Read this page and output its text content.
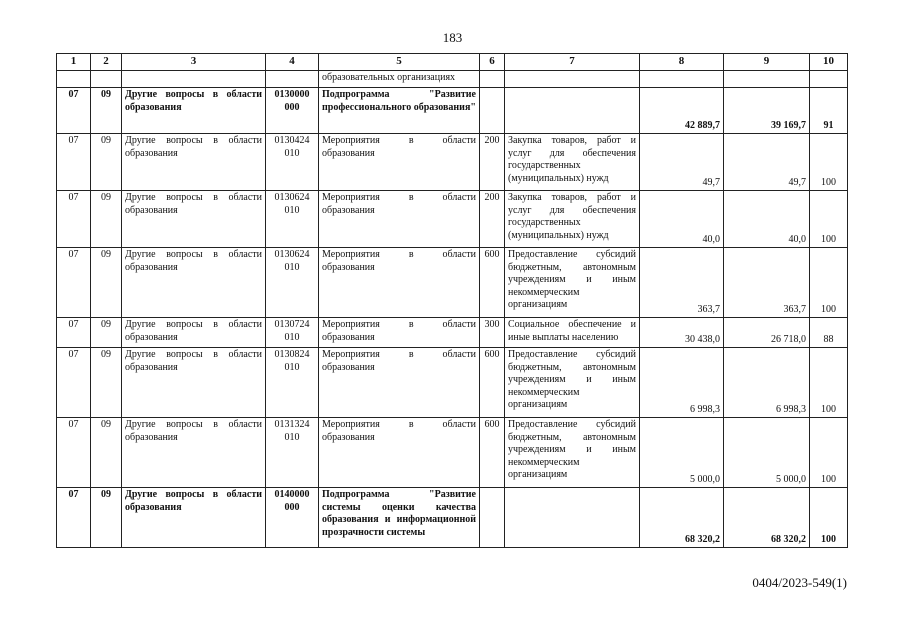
183
1	2	3	4	5	6	7	8	9	10
				образовательных организациях					
07	09	Другие вопросы в области образования	0130000 000	Подпрограмма "Развитие профессионального образования"			42 889,7	39 169,7	91
07	09	Другие вопросы в области образования	0130424 010	Мероприятия в области образования	200	Закупка товаров, работ и услуг для обеспечения государственных (муниципальных) нужд	49,7	49,7	100
07	09	Другие вопросы в области образования	0130624 010	Мероприятия в области образования	200	Закупка товаров, работ и услуг для обеспечения государственных (муниципальных) нужд	40,0	40,0	100
07	09	Другие вопросы в области образования	0130624 010	Мероприятия в области образования	600	Предоставление субсидий бюджетным, автономным учреждениям и иным некоммерческим организациям	363,7	363,7	100
07	09	Другие вопросы в области образования	0130724 010	Мероприятия в области образования	300	Социальное обеспечение и иные выплаты населению	30 438,0	26 718,0	88
07	09	Другие вопросы в области образования	0130824 010	Мероприятия в области образования	600	Предоставление субсидий бюджетным, автономным учреждениям и иным некоммерческим организациям	6 998,3	6 998,3	100
07	09	Другие вопросы в области образования	0131324 010	Мероприятия в области образования	600	Предоставление субсидий бюджетным, автономным учреждениям и иным некоммерческим организациям	5 000,0	5 000,0	100
07	09	Другие вопросы в области образования	0140000 000	Подпрограмма "Развитие системы оценки качества образования и информационной прозрачности системы			68 320,2	68 320,2	100
0404/2023-549(1)
